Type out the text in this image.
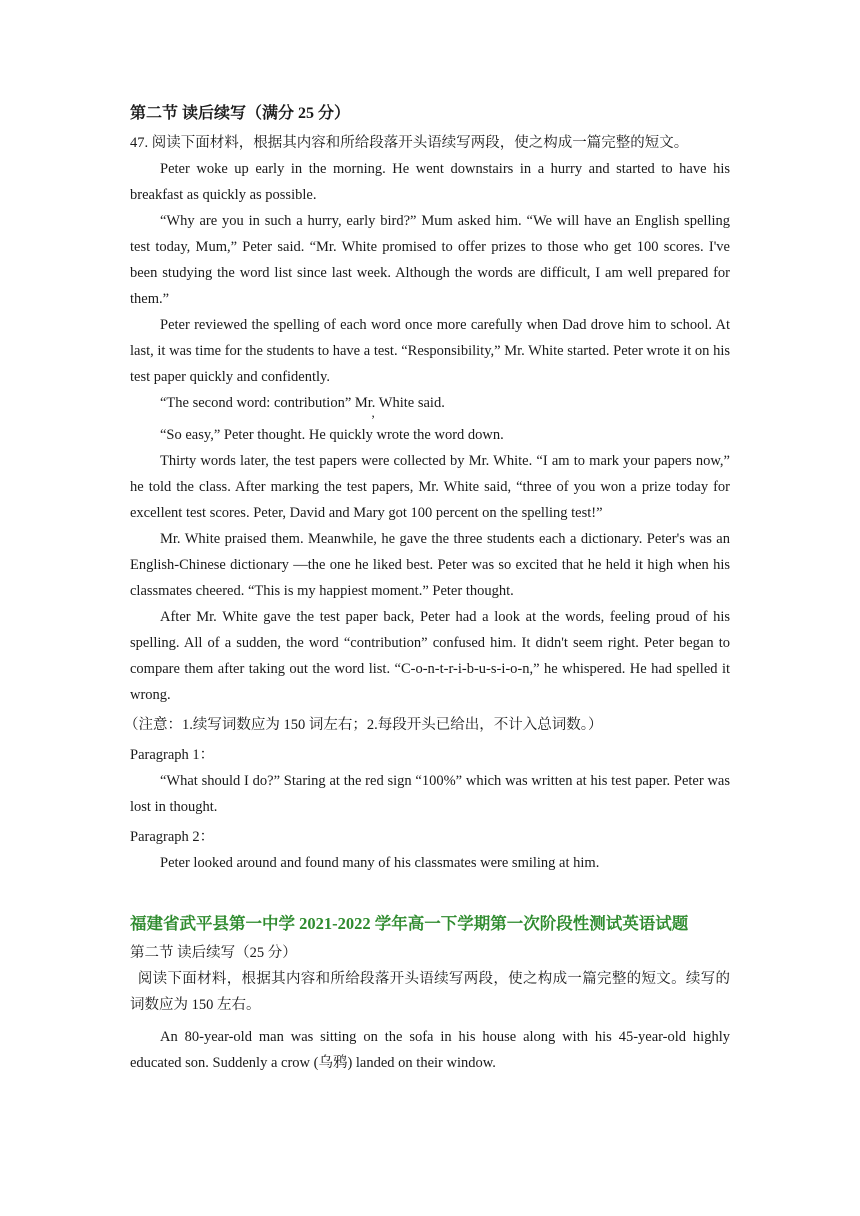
第二节 读后续写（满分 25 分）

47. 阅读下面材料，根据其内容和所给段落开头语续写两段，使之构成一篇完整的短文。

Peter woke up early in the morning. He went downstairs in a hurry and started to have his breakfast as quickly as possible.

“Why are you in such a hurry, early bird?” Mum asked him. “We will have an English spelling test today, Mum,” Peter said. “Mr. White promised to offer prizes to those who get 100 scores. I've been studying the word list since last week. Although the words are difficult, I am well prepared for them.”

Peter reviewed the spelling of each word once more carefully when Dad drove him to school. At last, it was time for the students to have a test. “Responsibility,” Mr. White started. Peter wrote it on his test paper quickly and confidently.

“The second word: contribution
’
” Mr. White said.

“So easy,” Peter thought. He quickly wrote the word down.

Thirty words later, the test papers were collected by Mr. White. “I am to mark your papers now,” he told the class. After marking the test papers, Mr. White said, “three of you won a prize today for excellent test scores. Peter, David and Mary got 100 percent on the spelling test!”

Mr. White praised them. Meanwhile, he gave the three students each a dictionary. Peter's was an English-Chinese dictionary —the one he liked best. Peter was so excited that he held it high when his classmates cheered. “This is my happiest moment.” Peter thought.

After Mr. White gave the test paper back, Peter had a look at the words, feeling proud of his spelling. All of a sudden, the word “contribution” confused him. It didn't seem right. Peter began to compare them after taking out the word list. “C-o-n-t-r-i-b-u-s-i-o-n,” he whispered. He had spelled it wrong.

（注意：1.续写词数应为 150 词左右；2.每段开头已给出，不计入总词数。）

Paragraph 1：

“What should I do?” Staring at the red sign “100%” which was written at his test paper. Peter was lost in thought.

Paragraph 2：

Peter looked around and found many of his classmates were smiling at him.

福建省武平县第一中学 2021-2022 学年高一下学期第一次阶段性测试英语试题

第二节 读后续写（25 分）

阅读下面材料，根据其内容和所给段落开头语续写两段，使之构成一篇完整的短文。续写的词数应为 150 左右。

An 80-year-old man was sitting on the sofa in his house along with his 45-year-old highly educated son. Suddenly a crow (乌鸦) landed on their window.
